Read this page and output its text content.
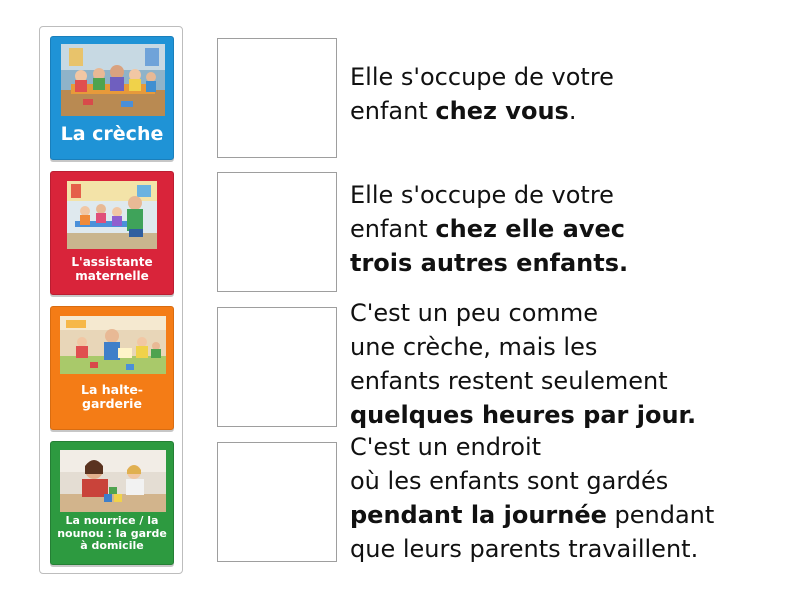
La crèche
L'assistante maternelle
La halte-garderie
La nourrice / la nounou : la garde à domicile
Elle s'occupe de votre
enfant chez vous.
Elle s'occupe de votre
enfant chez elle avec
trois autres enfants.
C'est un peu comme
une crèche, mais les
enfants restent seulement
quelques heures par jour.
C'est un endroit
où les enfants sont gardés
pendant la journée pendant
que leurs parents travaillent.
